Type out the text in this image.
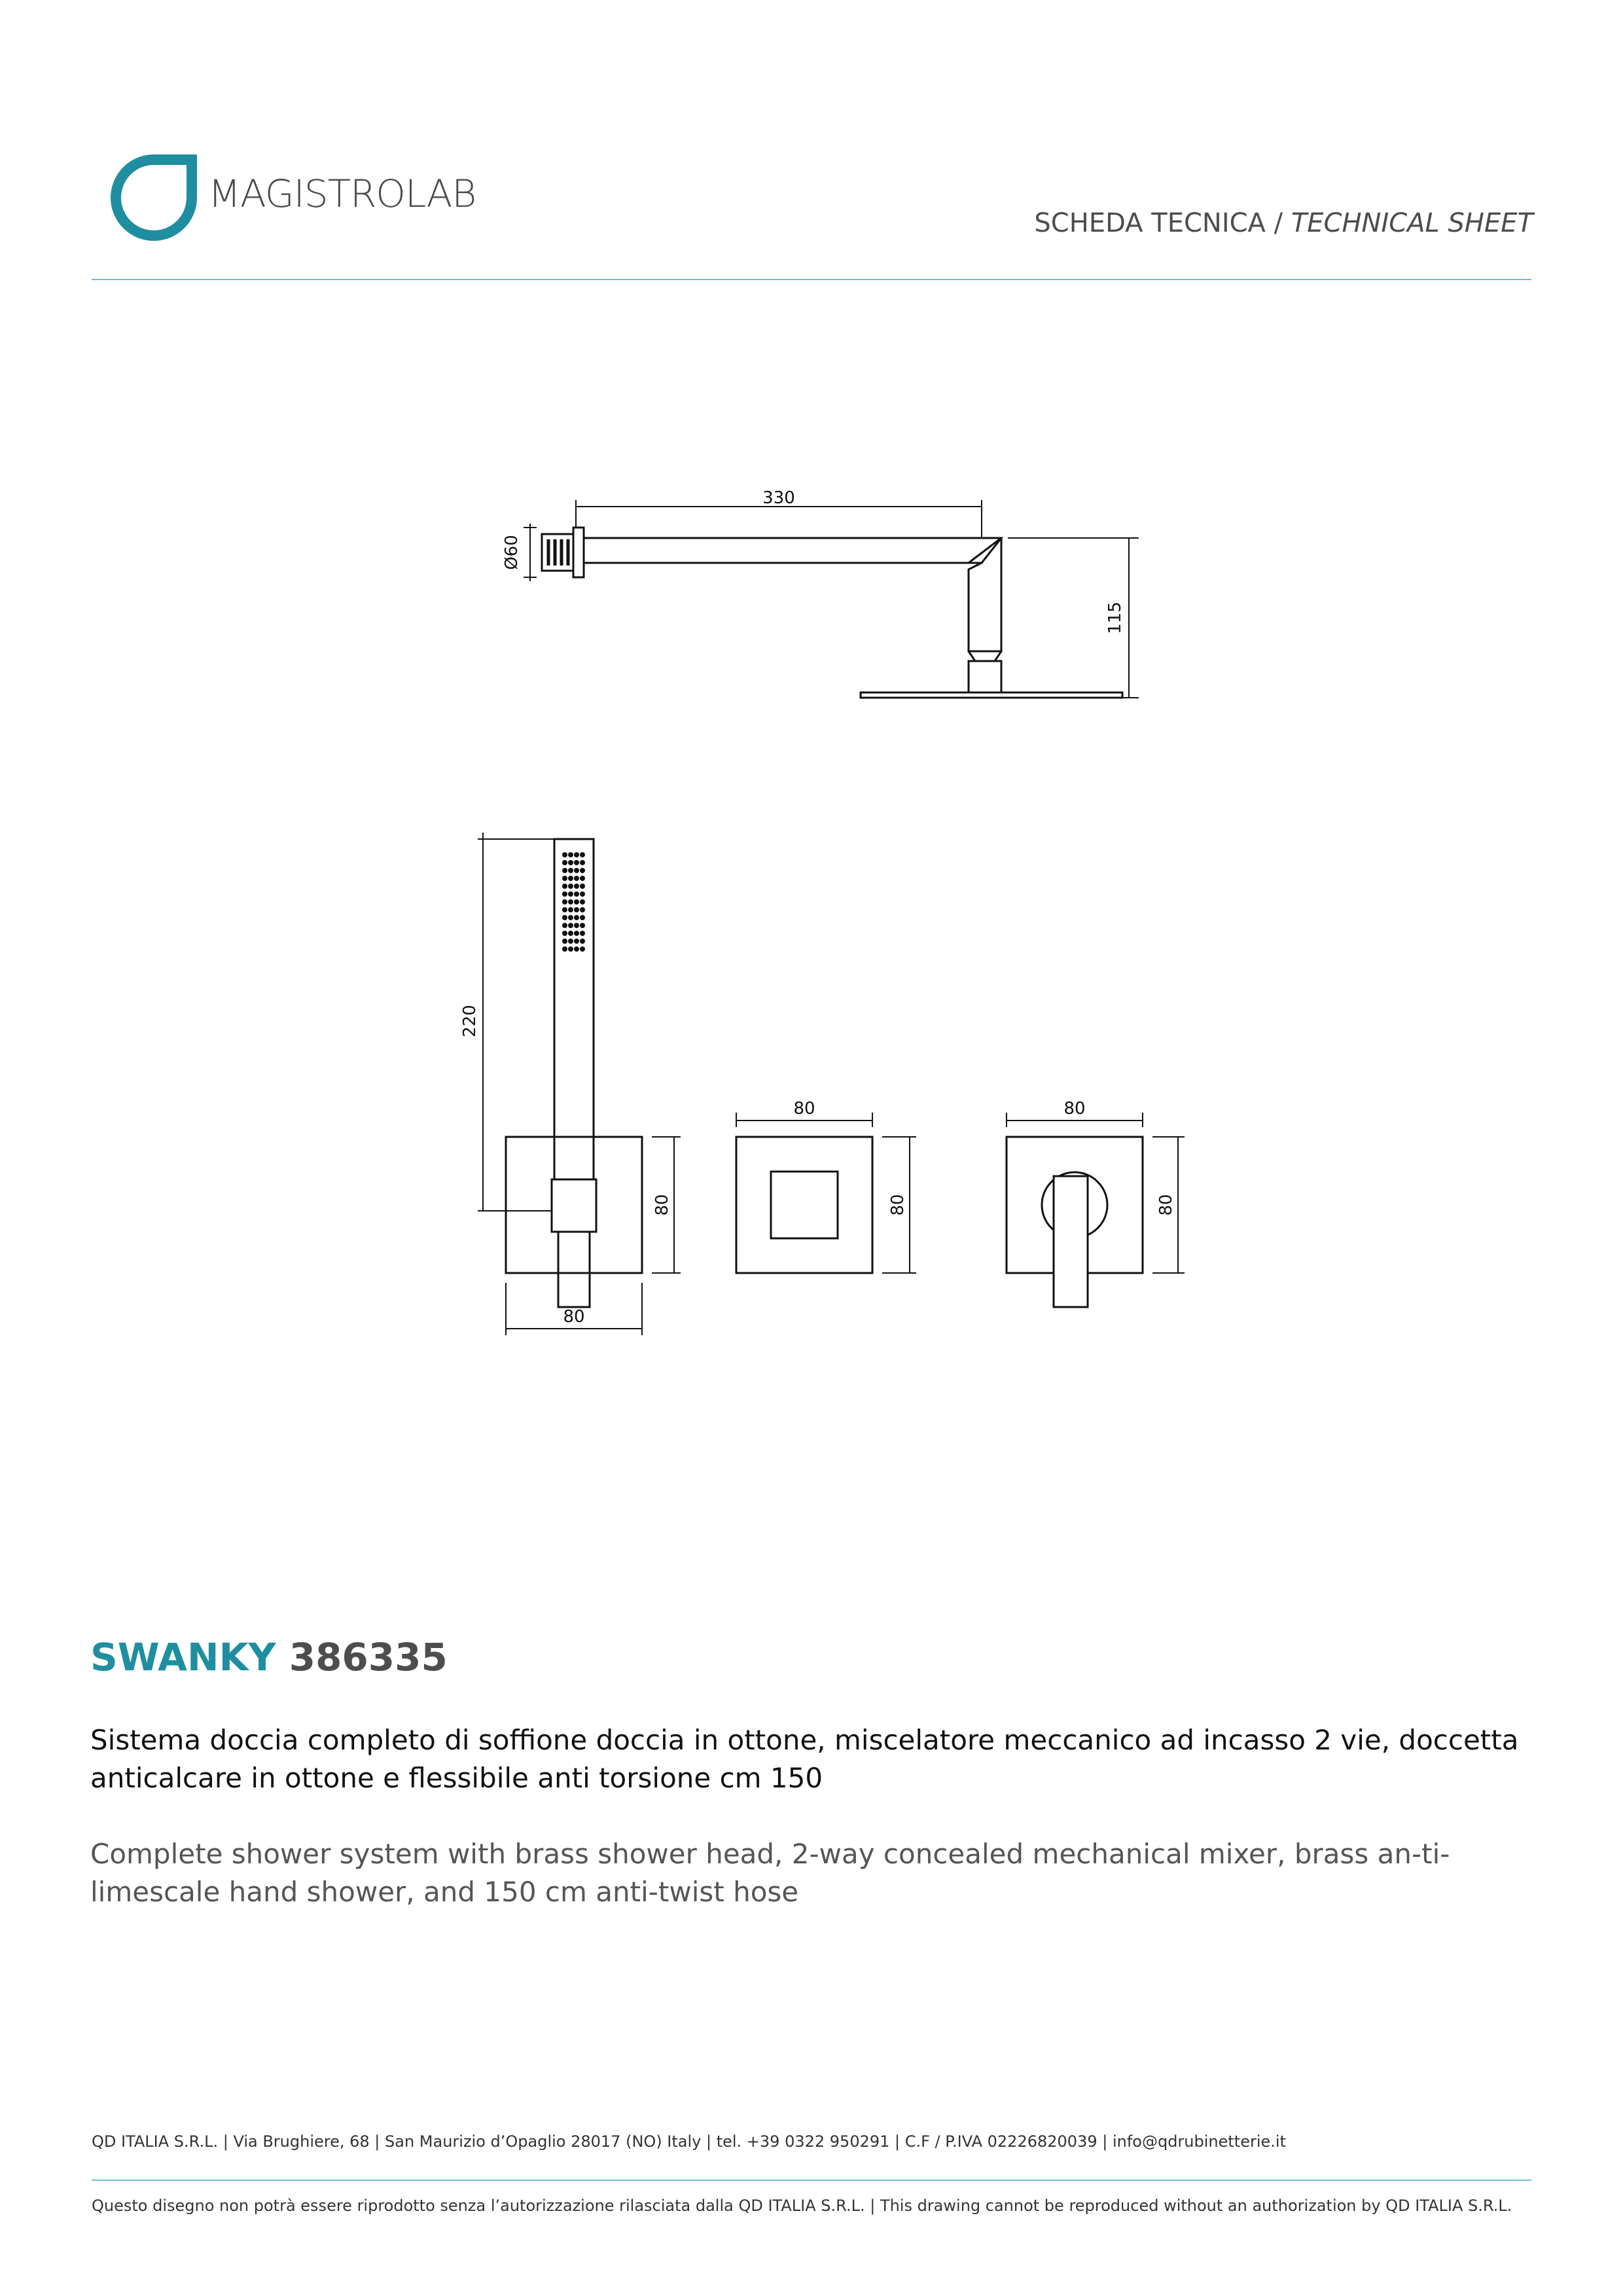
MAGISTROLAB
SCHEDA TECNICA / TECHNICAL SHEET
330
Ø60
115
220
80
80
80
80
80
80
SWANKY 386335
Sistema doccia completo di soffione doccia in ottone, miscelatore meccanico ad incasso 2 vie, doccetta anticalcare in ottone e flessibile anti torsione cm 150
Complete shower system with brass shower head, 2-way concealed mechanical mixer, brass an-ti-limescale hand shower, and 150 cm anti-twist hose
QD ITALIA S.R.L. | Via Brughiere, 68 | San Maurizio d’Opaglio 28017 (NO) Italy | tel. +39 0322 950291 | C.F / P.IVA 02226820039 | info@qdrubinetterie.it
Questo disegno non potrà essere riprodotto senza l’autorizzazione rilasciata dalla QD ITALIA S.R.L. | This drawing cannot be reproduced without an authorization by QD ITALIA S.R.L.
